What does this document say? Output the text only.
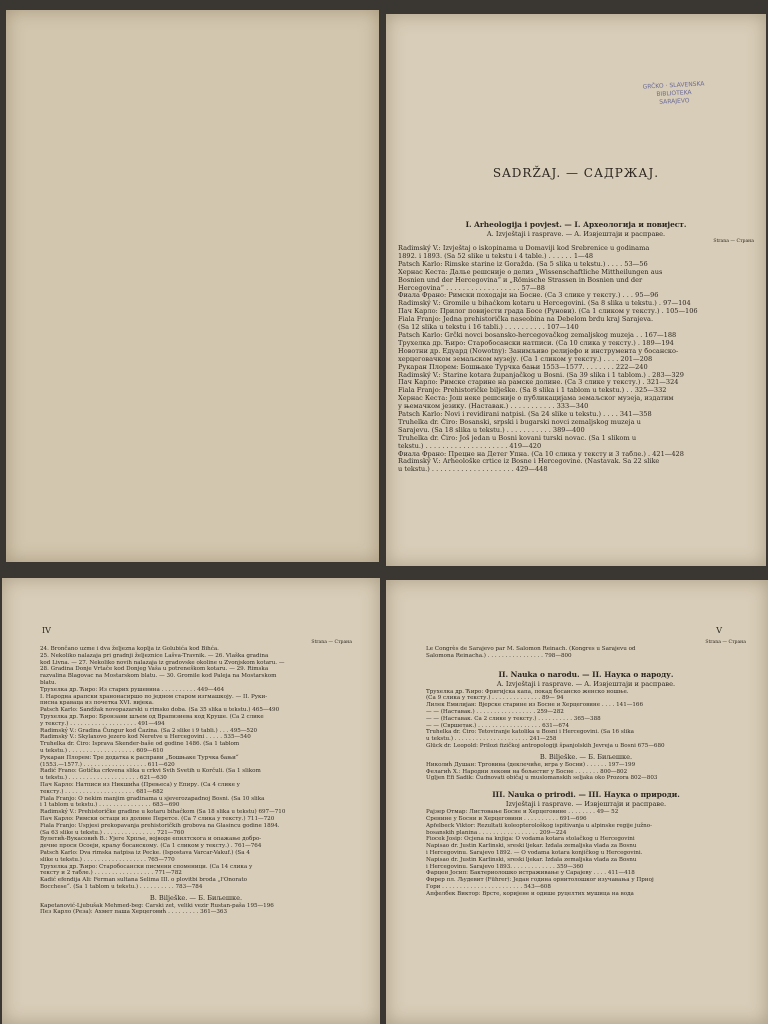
GRČKO · SLAVENSKA
BIBLIOTEKA
SARAJEVO
SADRŽAJ. — САДРЖАЈ.
I. Arheologija i povjest. — I. Археологија и повијест.
A. Izvještaji i rasprave. — A. Извјештаји и расправе.
Strana — Страна

Radimský V.: Izvještaj o iskopinama u Domaviji kod Srebrenice u godinama

1892. i 1893. (Sa 52 slike u tekstu i 4 table.) . . . . . . 1—48

Patsch Karlo: Rimske starine iz Goražda. (Sa 5 slika u tekstu.) . . . . 53—56

Хернас Кеста: Дальe решсније о делиз „Wissenschaftliche Mittheilungen aus

Bosnien und der Hercegovina“ и „Römische Strassen in Bosnien und der

Hercegovina“ . . . . . . . . . . . . . . . . . . 57—88

Фиала Франо: Римски походаји на Босне. (Са 3 слике у тексту.) . . . 95—96

Radimský V.: Gromile u bihaćkom kotaru u Hercegovini. (Sa 8 slika u tekstu.) . 97—104

Пач Карло: Прилог повијести града Босе (Рунови). (Са 1 сликом у тексту.) . 105—106

Fiala Franjo: Jedna prehistorička naseobina na Debelom brdu kraj Sarajeva.

(Sa 12 slika u tekstu i 16 tabli.) . . . . . . . . . . 107—140

Patsch Karlo: Grčki novci bosansko-hercegovačkog zemaljskog muzeja . . 167—188

Трухелка др. Ћиро: Старобосански натписи. (Са 10 слика у тексту.) . 189—194

Новотни др. Едуард (Nowotny): Занимљиво релијефо и инструмента у босанско-

херцеговачком земаљском музеју. (Са 1 сликом у тексту.) . . . . 201—208

Рукаран Плорем: Бошњаке Турчка бањи 1553—1577. . . . . . . . 222—240

Radimský V.: Starine kotara županjačkog u Bosni. (Sa 39 slika i 1 tablom.) . 283—329

Пач Карло: Римске старине на рамске долине. (Са 3 слике у тексту.) . 321—324

Fiala Franjo: Prehistoričke bilješke. (Sa 8 slika i 1 tablom u tekstu.) . . 325—332

Хернас Кеста: Још неке решсније о публикацијама земаљског музеја, издатим

у њемачком језику. (Наставак.) . . . . . . . . . . . 333—340

Patsch Karlo: Novi i revidirani natpisi. (Sa 24 slike u tekstu.) . . . . 341—358

Truhelka dr. Ćiro: Bosanski, srpski i bugarski novci zemaljskog muzeja u

Sarajevu. (Sa 18 slika u tekstu.) . . . . . . . . . . . 389—400

Truhelka dr. Ćiro: Još jedan u Bosni kovani turski novac. (Sa 1 slikom u

tekstu.) . . . . . . . . . . . . . . . . . . . . 419—420

Фиала Франо: Прецне на Детег Упна. (Са 10 слика у тексту и 3 табле.) . 421—428

Radimský V.: Arheološke crtice iz Bosne i Hercegovine. (Nastavak. Sa 22 slike

u tekstu.) . . . . . . . . . . . . . . . . . . . . 429—448

IV
Strana — Страна

24. Brončano uzme i dva željezna koplјa iz Golubića kod Bihća.

25. Nekoliko nalazaja pri gradnji željeznice Lašva-Travnik. — 26. Vlaška gradina

kod Livna. — 27. Nekoliko novih nalazaja iz gradovske okoline u Zvonjskom kotaru. —

28. Gradina Donje Vrtače kod Donjeg Vaša u potreneškom kotaru. — 29. Rimska

razvalina Blagovac na Mostarskom blatu. — 30. Gromile kod Paleja na Mostarskom

blatu.

Трухелка др. Ћиро: Из старих рушевина . . . . . . . . . . 449—464

I. Народна арапски хранонасиршо по једном старом изгмашкоју. — II. Руки-

писна краваца из почетка XVI. вијека.

Patsch Karlo: Sandžak novopazarski u rimsko doba. (Sa 35 slika u tekstu.) 465—490

Трухелка др. Ћиро: Бронзани шљем од Врапизиева код Круше. (Са 2 слике

у тексту.) . . . . . . . . . . . . . . . . . . . 491—494

Radimský V.: Gradina Čungur kod Čazina. (Sa 2 slike i 9 tabli.) . . . 495—520

Radimský V.: Skylaxovo jezero kod Neretve u Hercegovini . . . . . 535—540

Truhelka dr. Ćiro: Isprava Skender-baše od godine 1486. (Sa 1 tablom

u tekstu.) . . . . . . . . . . . . . . . . . . . 609—610

Рукаран Плорем: Тре додатка к расправи „Бошњаке Турчка бањи“

(1553.—1577.) . . . . . . . . . . . . . . . . . . 611—620

Radić Frano: Gotička crkvena slika u crkvi Svih Svetih u Korčuli. (Sa 1 slikom

u tekstu.) . . . . . . . . . . . . . . . . . . . . 621—630

Пач Карло: Натписи из Никшића (Прењеса) у Епиру. (Са 4 слике у

тексту.) . . . . . . . . . . . . . . . . . . . . 681—682

Fiala Franjo: O nekim manjim gradinama u sjeverozapadnoj Bosni. (Sa 10 slika

i 1 tablom u tekstu.) . . . . . . . . . . . . . . . 683—690

Radimský V.: Prehistoričke gradine u kotaru bihaćkom (Sa 18 slika u tekstu) 697—710

Пач Карло: Римски остаци из долине Перетсе. (Са 7 слика у тексту.) 711—720

Fiala Franjo: Uspjesi prekopavanja prehistoričkih grobova na Glasincu godine 1894.

(Sa 63 slike u tekstu.) . . . . . . . . . . . . . . . 721—760

Вулетић-Вукасовић В.: Ујеге Хрпље, војводе епилтскога и опажањe добро-

дечнe просн Осоеји, краљу босанскому. (Са 1 сликом у тексту.) . 761—764

Patsch Karlo: Dva rimska natpisa iz Pecke. (Ispostava Varcar-Vakuf.) (Sa 4

slike u tekstu.) . . . . . . . . . . . . . . . . . . 765—770

Трухелка др. Ћиро: Старобосански писмени споменици. (Са 14 слика у

тексту и 2 табле.) . . . . . . . . . . . . . . . . . 771—782

Kadić efendija Ali: Ferman sultana Selima III. o plovitbi broda „l'Onorato

Bocchese“. (Sa 1 tablom u tekstu.) . . . . . . . . . . 783—784

B. Bilješke. — Б. Биљешке.

Kapetanović-Ljubušak Mehmed-beg: Carski zet, veliki vezir Rustan-paša 195—196

Пез Карло (Реза): Ахмет паша Херцеговић . . . . . . . . . 361—363

V
Strana — Страна

Le Congrès de Sarajevo par M. Salomon Reinach. (Kongres u Sarajevu od

Salomona Reinacha.) . . . . . . . . . . . . . . . . 798—800

II. Nauka o narodu. — II. Наука о народу.
A. Izvještaji i rasprave. — A. Извјештаји и расправе.

Трухелка др. Ћиро: Фригијска капа, покад босанско женско ношње.

(Са 9 слика у тексту.) . . . . . . . . . . . . . . 89— 94

Лилек Емилијан: Вјерске старине из Босне и Херцеговине . . . . 141—166

— — (Наставак.) . . . . . . . . . . . . . . . . . 259—282

— — (Наставак. Са 2 слике у тексту.) . . . . . . . . . . 365—388

— — (Свршетак.) . . . . . . . . . . . . . . . . . . 631—674

Truhelka dr. Ćiro: Tetoviranje katolika u Bosni i Hercegovini. (Sa 16 slika

u tekstu.) . . . . . . . . . . . . . . . . . . . . . 241—258

Glück dr. Leopold: Prilozi fizičkoj antropologiji španjolskih Jevreja u Bosni 675—680

B. Bilješke. — Б. Биљешке.

Николић Душан: Трговина (деклечиће, игра у Босни) . . . . . . 197—199

Фелагић Х.: Народни лекови на бољестиг у Босне . . . . . . . 800—802

Ugljen Efi Sadik: Čudnovati običaj u muslomanskih seljaka oko Prozora 802—803

III. Nauka o prirodi. — III. Наука о природи.
Izvještaji i rasprave. — Извјештаји и расправе.

Рајзер Отмар: Листовање Босне и Херцеговине . . . . . . . . 49— 52

Сренине у Босни и Херцеговини . . . . . . . . . . 691—696

Apfelbeck Viktor: Rezultati koleopterološkog ispitivanja u alpinske regije južno-

bosanskih planina . . . . . . . . . . . . . . . . . 209—224

Fiocek Josip: Ocjena na knjiga: O vodama kotara stolačkog u Hercegovini

Napisao dr. Justin Karlinski, sreski ljekar. Izdala zemaljska vlada za Bosnu

i Hercegovinu. Sarajevo 1892. — O vodama kotara konjičkog u Hercegovini.

Napisao dr. Justin Karlinski, sreski ljekar. Izdala zemaljska vlada za Bosnu

i Hercegovinu. Sarajevo 1893. . . . . . . . . . . . . 359—360

Фарцен Јосип: Бактериолошко истраживање у Сарајеву . . . . 411—418

Фирер пл. Људевит (Führer): Један година орнитолошког изучавања у Прној

Гори . . . . . . . . . . . . . . . . . . . . . . . 543—608

Апфелбек Виктор: Врсте, коријене и одише руцелтих мушица на вода
